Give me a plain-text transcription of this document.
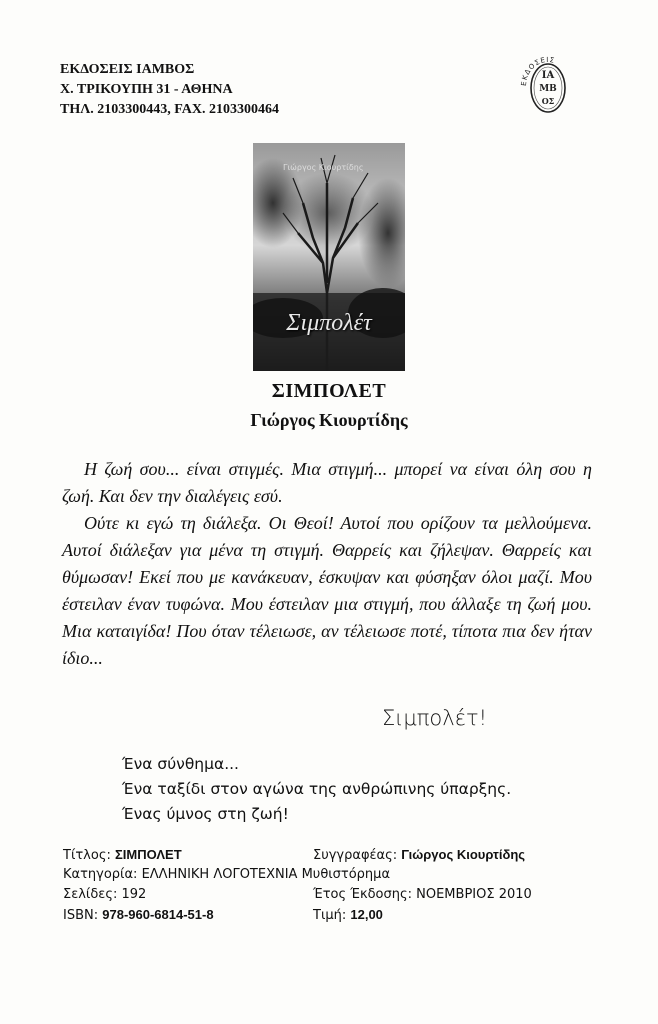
ΕΚΔΟΣΕΙΣ ΙΑΜΒΟΣ
Χ. ΤΡΙΚΟΥΠΗ 31 - ΑΘΗΝΑ
ΤΗΛ. 2103300443, FAX. 2103300464
ΕΚΔΟΣΕΙΣ
ΙΑ
ΜΒ
ΟΣ
Γιώργος Κιουρτίδης
Σιμπολέτ
ΣΙΜΠΟΛΕΤ
Γιώργος Κιουρτίδης

Η ζωή σου... είναι στιγμές. Μια στιγμή... μπορεί να είναι όλη σου η ζωή. Και δεν την διαλέγεις εσύ.

Ούτε κι εγώ τη διάλεξα. Οι Θεοί! Αυτοί που ορίζουν τα μελλούμενα. Αυτοί διάλεξαν για μένα τη στιγμή. Θαρρείς και ζήλεψαν. Θαρρείς και θύμωσαν! Εκεί που με κανάκευαν, έσκυψαν και φύσηξαν όλοι μαζί. Μου έστειλαν έναν τυφώνα. Μου έστειλαν μια στιγμή, που άλλαξε τη ζωή μου. Μια καταιγίδα! Που όταν τέλειωσε, αν τέλειωσε ποτέ, τίποτα πια δεν ήταν ίδιο...

Σιμπολέτ!
Ένα σύνθημα...
Ένα ταξίδι στον αγώνα της ανθρώπινης ύπαρξης.
Ένας ύμνος στη ζωή!
Τίτλος: ΣΙΜΠΟΛΕΤ	Συγγραφέας: Γιώργος Κιουρτίδης
Κατηγορία: ΕΛΛΗΝΙΚΗ ΛΟΓΟΤΕΧΝΙΑ Μυθιστόρημα
Σελίδες: 192	Έτος Έκδοσης: ΝΟΕΜΒΡΙΟΣ 2010
ISBN: 978-960-6814-51-8	Τιμή: 12,00
